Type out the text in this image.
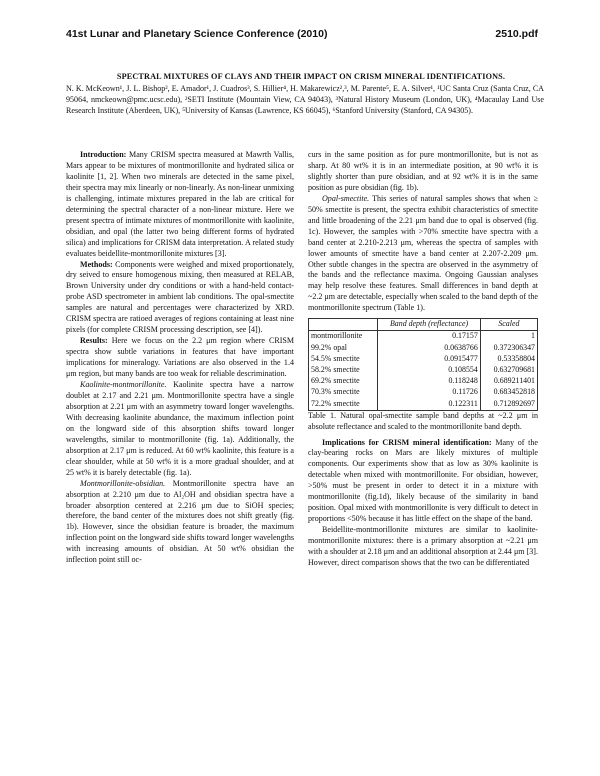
41st Lunar and Planetary Science Conference (2010)	2510.pdf
SPECTRAL MIXTURES OF CLAYS AND THEIR IMPACT ON CRISM MINERAL IDENTIFICATIONS.
N. K. McKeown¹, J. L. Bishop², E. Amador¹, J. Cuadros³, S. Hillier⁴, H. Makarewicz²,³, M. Parente⁵, E. A. Silver¹, ¹UC Santa Cruz (Santa Cruz, CA 95064, nmckeown@pmc.ucsc.edu), ²SETI Institute (Mountain View, CA 94043), ³Natural History Museum (London, UK), ⁴Macaulay Land Use Research Institute (Aberdeen, UK), ⁵University of Kansas (Lawrence, KS 66045), ⁶Stanford University (Stanford, CA 94305).

Introduction: Many CRISM spectra measured at Mawrth Vallis, Mars appear to be mixtures of montmorillonite and hydrated silica or kaolinite [1, 2]. When two minerals are detected in the same pixel, their spectra may mix linearly or non-linearly. As non-linear unmixing is challenging, intimate mixtures prepared in the lab are critical for determining the spectral character of a non-linear mixture. Here we present spectra of intimate mixtures of montmorillonite with kaolinite, obsidian, and opal (the latter two being different forms of hydrated silica) and implications for CRISM data interpretation. A related study evaluates beidellite-montmorillonite mixtures [3].

Methods: Components were weighed and mixed proportionately, dry seived to ensure homogenous mixing, then measured at RELAB, Brown University under dry conditions or with a hand-held contact-probe ASD spectrometer in ambient lab conditions. The opal-smectite samples are natural and percentages were characterized by XRD. CRISM spectra are ratioed averages of regions containing at least nine pixels (for complete CRISM processing description, see [4]).

Results: Here we focus on the 2.2 μm region where CRISM spectra show subtle variations in features that have important implications for mineralogy. Variations are also observed in the 1.4 μm region, but many bands are too weak for reliable descrimination.

Kaolinite-montmorillonite. Kaolinite spectra have a narrow doublet at 2.17 and 2.21 μm. Montmorillonite spectra have a single absorption at 2.21 μm with an asymmetry toward longer wavelengths. With decreasing kaolinite abundance, the maximum inflection point on the longward side of this absorption shifts toward longer wavelengths, similar to montmorillonite (fig. 1a). Additionally, the absorption at 2.17 μm is reduced. At 60 wt% kaolinite, this feature is a clear shoulder, while at 50 wt% it is a more gradual shoulder, and at 25 wt% it is barely detectable (fig. 1a).

Montmorillonite-obsidian. Montmorillonite spectra have an absorption at 2.210 μm due to Al₂OH and obsidian spectra have a broader absorption centered at 2.216 μm due to SiOH species; therefore, the band center of the mixtures does not shift greatly (fig. 1b). However, since the obsidian feature is broader, the maximum inflection point on the longward side shifts toward longer wavelengths with increasing amounts of obsidian. At 50 wt% obsidian the inflection point still oc-

curs in the same position as for pure montmorillonite, but is not as sharp. At 80 wt% it is in an intermediate position, at 90 wt% it is slightly shorter than pure obsidian, and at 92 wt% it is in the same position as pure obsidian (fig. 1b).

Opal-smectite. This series of natural samples shows that when ≥ 50% smectite is present, the spectra exhibit characteristics of smectite and little broadening of the 2.21 μm band due to opal is observed (fig. 1c). However, the samples with >70% smectite have spectra with a band center at 2.210-2.213 μm, whereas the spectra of samples with lower amounts of smectite have a band center at 2.207-2.209 μm. Other subtle changes in the spectra are observed in the asymmetry of the bands and the reflectance maxima. Ongoing Gaussian analyses may help resolve these features. Small differences in band depth at ~2.2 μm are detectable, especially when scaled to the band depth of the montmorillonite spectrum (Table 1).

	Band depth (reflectance)	Scaled
montmorillonite	0.17157	1
99.2% opal	0.0638766	0.372306347
54.5% smectite	0.0915477	0.53358804
58.2% smectite	0.108554	0.632709681
69.2% smectite	0.118248	0.689211401
70.3% smectite	0.11726	0.683452818
72.2% smectite	0.122311	0.712892697

Table 1. Natural opal-smectite sample band depths at ~2.2 μm in absolute reflectance and scaled to the montmorillonite band depth.

Implications for CRISM mineral identification: Many of the clay-bearing rocks on Mars are likely mixtures of multiple components. Our experiments show that as low as 30% kaolinite is detectable when mixed with montmorillonite. For obsidian, however, >50% must be present in order to detect it in a mixture with montmorillonite (fig.1d), likely because of the similarity in band position. Opal mixed with montmorillonite is very difficult to detect in proportions <50% because it has little effect on the shape of the band.

Beidellite-montmorillonite mixtures are similar to kaolinite-montmorillonite mixtures: there is a primary absorption at ~2.21 μm with a shoulder at 2.18 μm and an additional absorption at 2.44 μm [3]. However, direct comparison shows that the two can be differentiated
